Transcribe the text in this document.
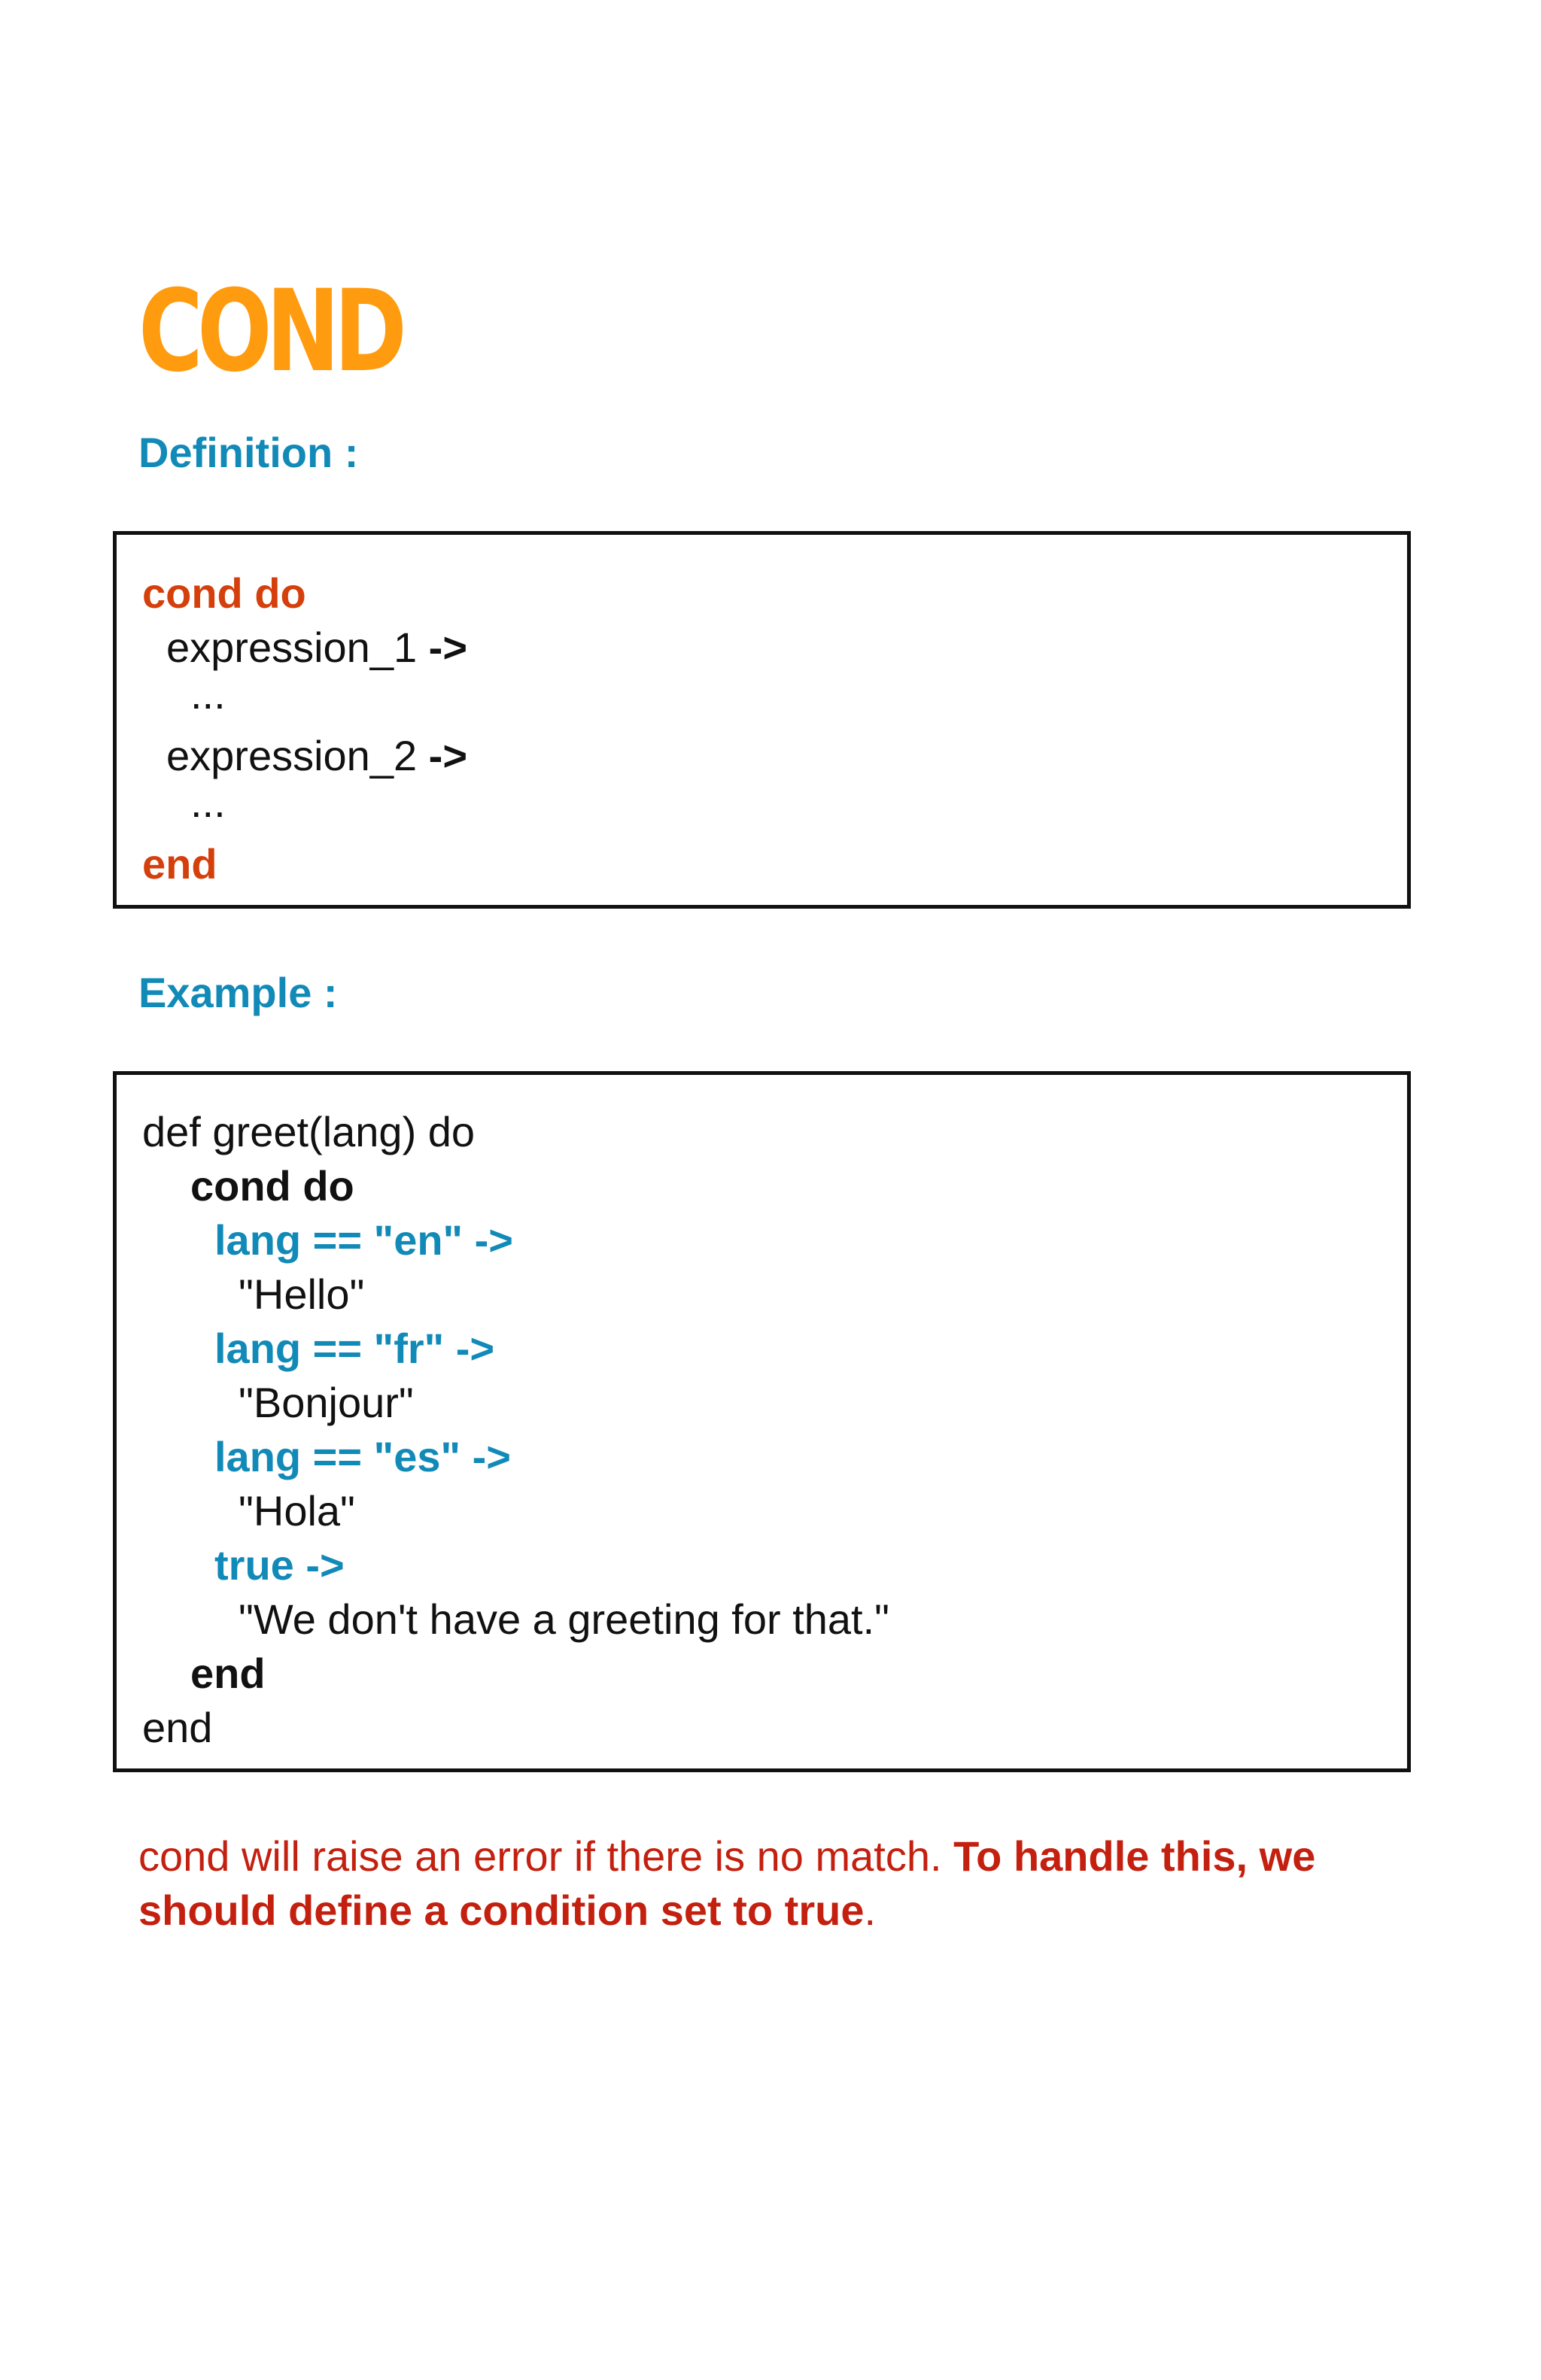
COND
Definition :
cond do
expression_1 ->
...
expression_2 ->
...
end
Example :
def greet(lang) do
cond do
lang == "en" ->
"Hello"
lang == "fr" ->
"Bonjour"
lang == "es" ->
"Hola"
true ->
"We don't have a greeting for that."
end
end
cond will raise an error if there is no match. To handle this, we should define a condition set to true.
